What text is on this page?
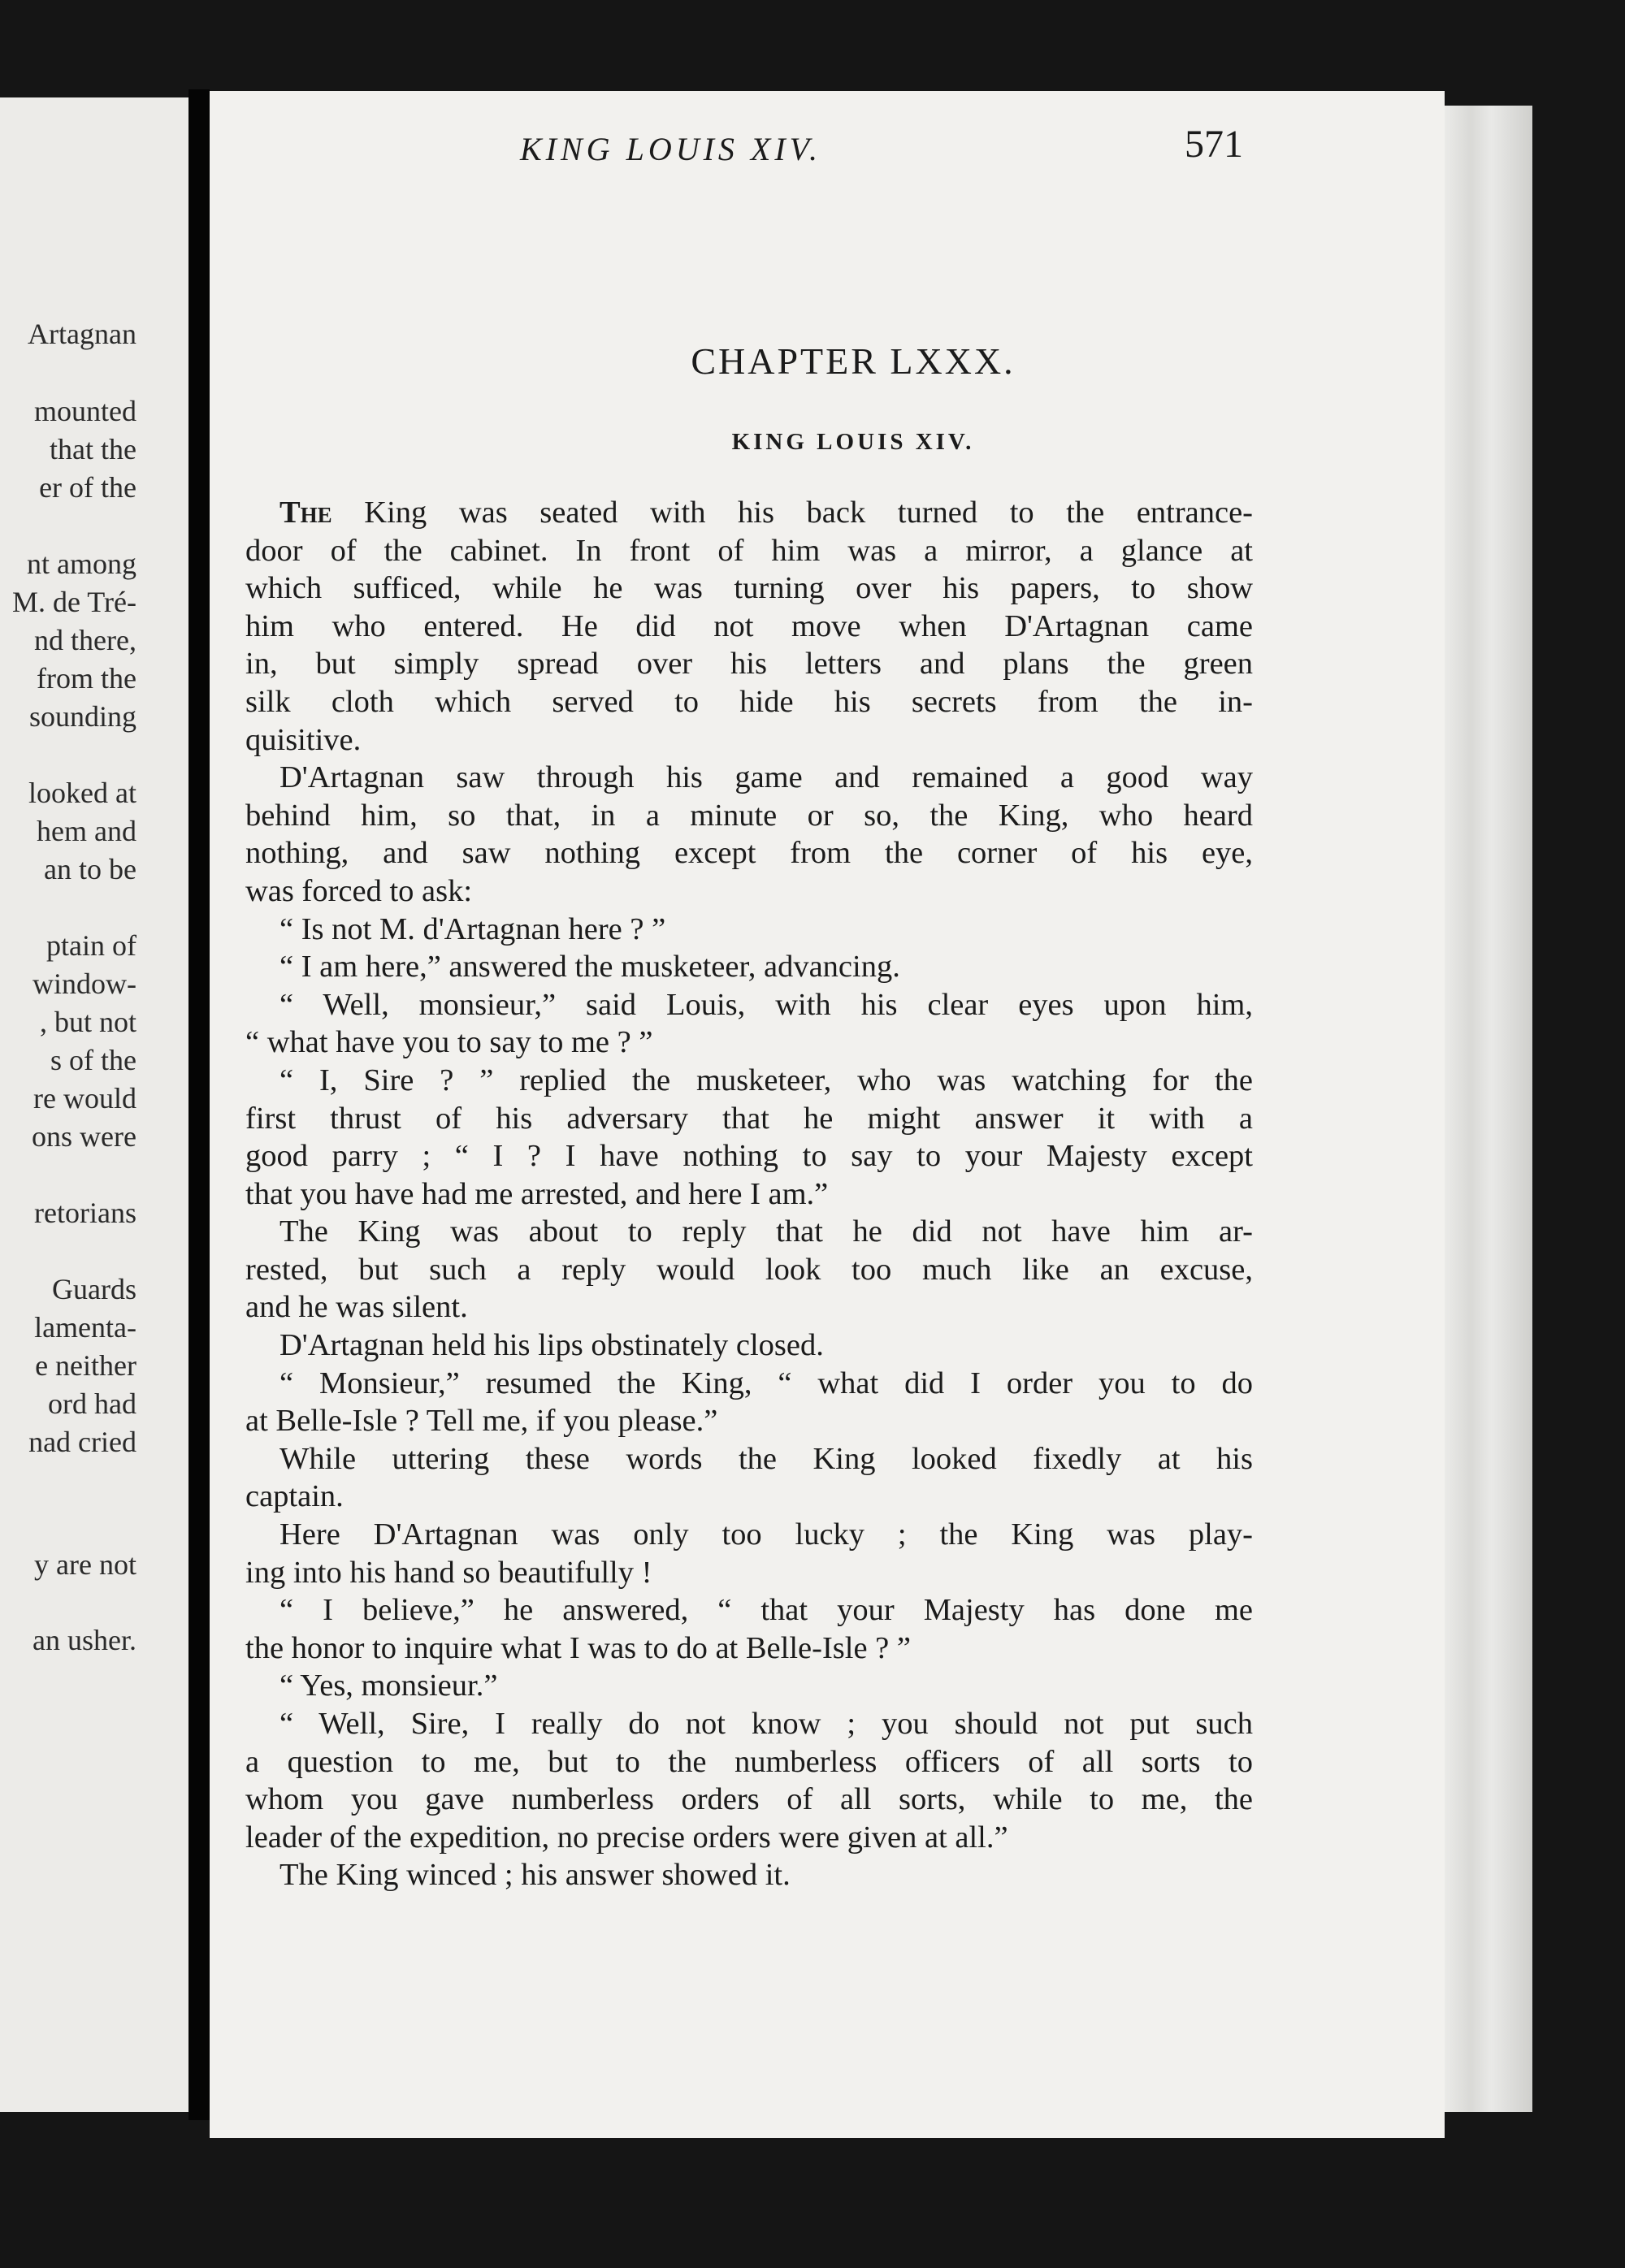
Artagnan
mounted
that the
er of the
nt among
M. de Tré-
nd there,
from the
sounding
looked at
hem and
an to be
ptain of
window-
, but not
s of the
re would
ons were
retorians
Guards
lamenta-
e neither
ord had
nad cried
y are not
an usher.
KING LOUIS XIV.	571
CHAPTER LXXX.
KING LOUIS XIV.
The King was seated with his back turned to the entrance-
door of the cabinet. In front of him was a mirror, a glance at
which sufficed, while he was turning over his papers, to show
him who entered. He did not move when D'Artagnan came
in, but simply spread over his letters and plans the green
silk cloth which served to hide his secrets from the in-
quisitive.
D'Artagnan saw through his game and remained a good way
behind him, so that, in a minute or so, the King, who heard
nothing, and saw nothing except from the corner of his eye,
was forced to ask:
“ Is not M. d'Artagnan here ? ”
“ I am here,” answered the musketeer, advancing.
“ Well, monsieur,” said Louis, with his clear eyes upon him,
“ what have you to say to me ? ”
“ I, Sire ? ” replied the musketeer, who was watching for the
first thrust of his adversary that he might answer it with a
good parry ; “ I ? I have nothing to say to your Majesty except
that you have had me arrested, and here I am.”
The King was about to reply that he did not have him ar-
rested, but such a reply would look too much like an excuse,
and he was silent.
D'Artagnan held his lips obstinately closed.
“ Monsieur,” resumed the King, “ what did I order you to do
at Belle-Isle ? Tell me, if you please.”
While uttering these words the King looked fixedly at his
captain.
Here D'Artagnan was only too lucky ; the King was play-
ing into his hand so beautifully !
“ I believe,” he answered, “ that your Majesty has done me
the honor to inquire what I was to do at Belle-Isle ? ”
“ Yes, monsieur.”
“ Well, Sire, I really do not know ; you should not put such
a question to me, but to the numberless officers of all sorts to
whom you gave numberless orders of all sorts, while to me, the
leader of the expedition, no precise orders were given at all.”
The King winced ; his answer showed it.
